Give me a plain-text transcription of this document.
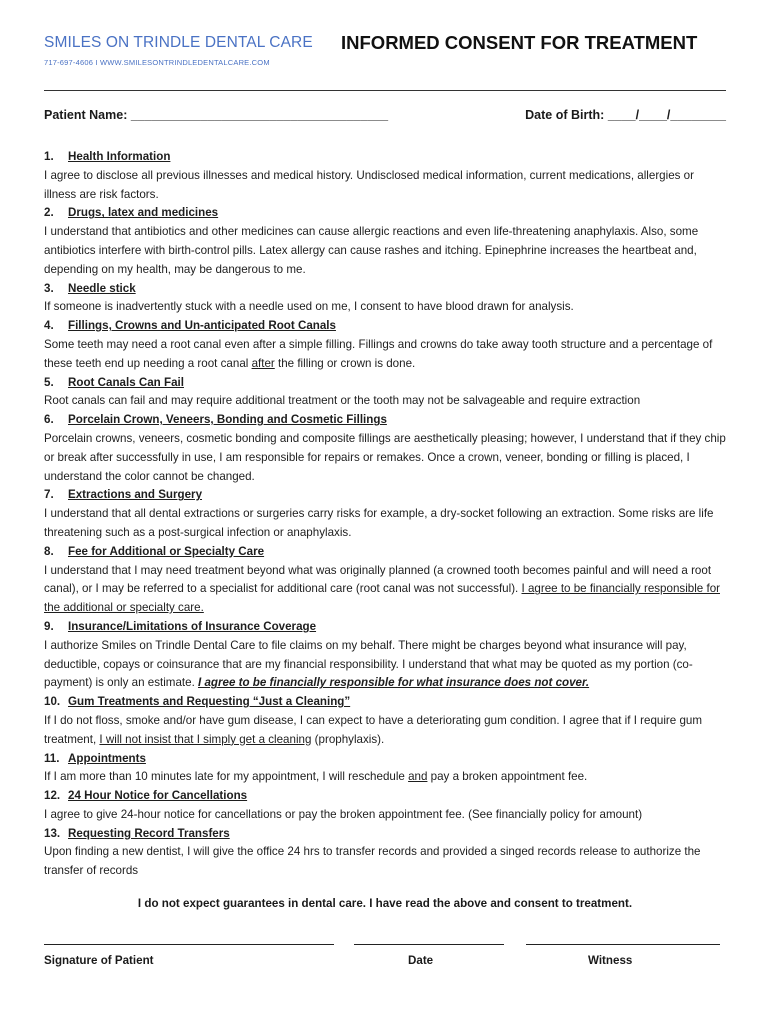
SMILES ON TRINDLE DENTAL CARE
717-697-4606 I WWW.SMILESONTRINDLEDENTALCARE.COM
INFORMED CONSENT FOR TREATMENT
Patient Name: _____________________________________	Date of Birth: ____/____/________
1. Health Information
I agree to disclose all previous illnesses and medical history. Undisclosed medical information, current medications, allergies or illness are risk factors.
2. Drugs, latex and medicines
I understand that antibiotics and other medicines can cause allergic reactions and even life-threatening anaphylaxis. Also, some antibiotics interfere with birth-control pills. Latex allergy can cause rashes and itching. Epinephrine increases the heartbeat and, depending on my health, may be dangerous to me.
3. Needle stick
If someone is inadvertently stuck with a needle used on me, I consent to have blood drawn for analysis.
4. Fillings, Crowns and Un-anticipated Root Canals
Some teeth may need a root canal even after a simple filling. Fillings and crowns do take away tooth structure and a percentage of these teeth end up needing a root canal after the filling or crown is done.
5. Root Canals Can Fail
Root canals can fail and may require additional treatment or the tooth may not be salvageable and require extraction
6. Porcelain Crown, Veneers, Bonding and Cosmetic Fillings
Porcelain crowns, veneers, cosmetic bonding and composite fillings are aesthetically pleasing; however, I understand that if they chip or break after successfully in use, I am responsible for repairs or remakes. Once a crown, veneer, bonding or filling is placed, I understand the color cannot be changed.
7. Extractions and Surgery
I understand that all dental extractions or surgeries carry risks for example, a dry-socket following an extraction. Some risks are life threatening such as a post-surgical infection or anaphylaxis.
8. Fee for Additional or Specialty Care
I understand that I may need treatment beyond what was originally planned (a crowned tooth becomes painful and will need a root canal), or I may be referred to a specialist for additional care (root canal was not successful). I agree to be financially responsible for the additional or specialty care.
9. Insurance/Limitations of Insurance Coverage
I authorize Smiles on Trindle Dental Care to file claims on my behalf. There might be charges beyond what insurance will pay, deductible, copays or coinsurance that are my financial responsibility. I understand that what may be quoted as my portion (co-payment) is only an estimate. I agree to be financially responsible for what insurance does not cover.
10. Gum Treatments and Requesting “Just a Cleaning”
If I do not floss, smoke and/or have gum disease, I can expect to have a deteriorating gum condition. I agree that if I require gum treatment, I will not insist that I simply get a cleaning (prophylaxis).
11. Appointments
If I am more than 10 minutes late for my appointment, I will reschedule and pay a broken appointment fee.
12. 24 Hour Notice for Cancellations
I agree to give 24-hour notice for cancellations or pay the broken appointment fee. (See financially policy for amount)
13. Requesting Record Transfers
Upon finding a new dentist, I will give the office 24 hrs to transfer records and provided a singed records release to authorize the transfer of records
I do not expect guarantees in dental care. I have read the above and consent to treatment.
Signature of Patient	Date	Witness
